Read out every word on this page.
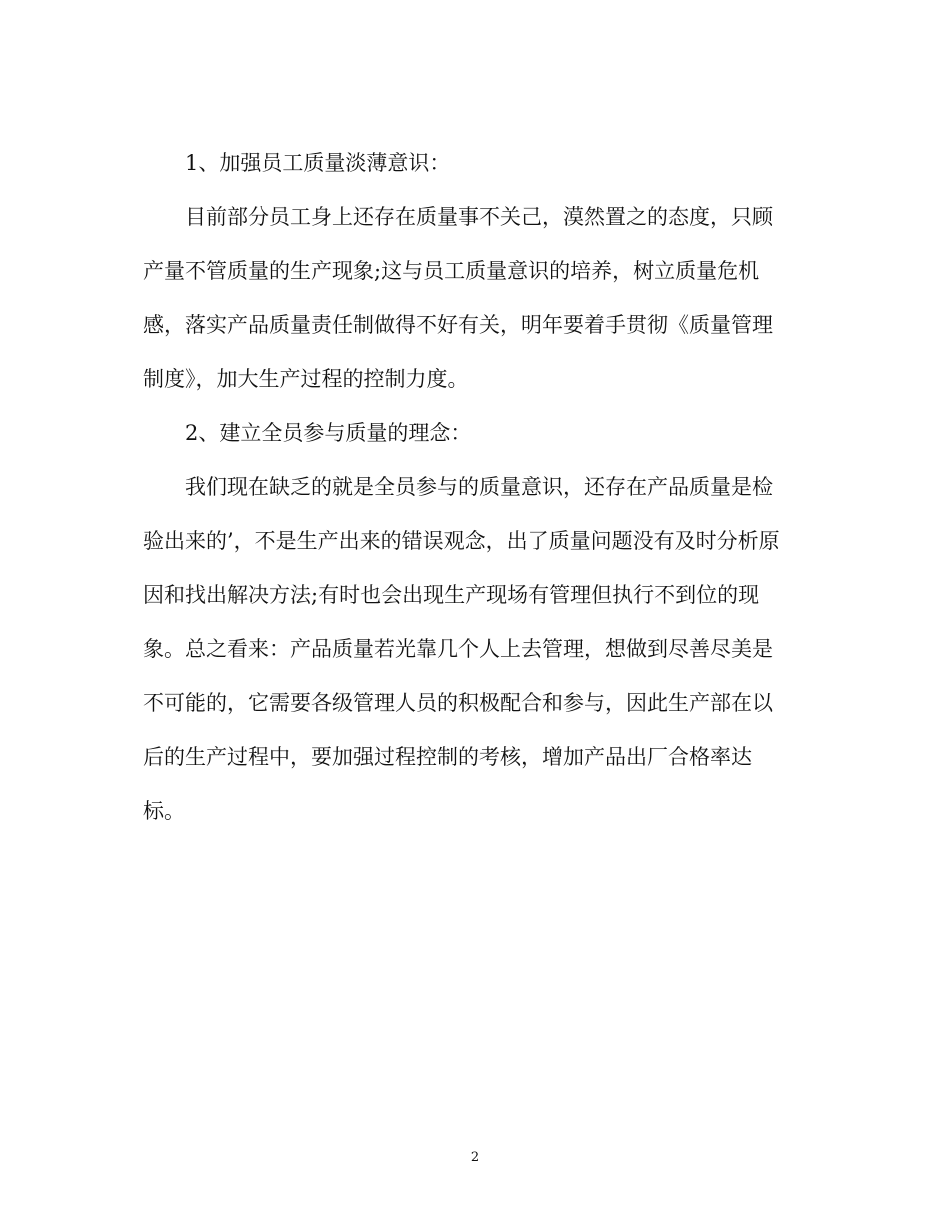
1、加强员工质量淡薄意识：

目前部分员工身上还存在质量事不关己，漠然置之的态度，只顾

产量不管质量的生产现象;这与员工质量意识的培养，树立质量危机

感，落实产品质量责任制做得不好有关，明年要着手贯彻《质量管理

制度》，加大生产过程的控制力度。

2、建立全员参与质量的理念：

我们现在缺乏的就是全员参与的质量意识，还存在产品质量是检

验出来的’，不是生产出来的错误观念，出了质量问题没有及时分析原

因和找出解决方法;有时也会出现生产现场有管理但执行不到位的现

象。总之看来：产品质量若光靠几个人上去管理，想做到尽善尽美是

不可能的，它需要各级管理人员的积极配合和参与，因此生产部在以

后的生产过程中，要加强过程控制的考核，增加产品出厂合格率达

标。

2
